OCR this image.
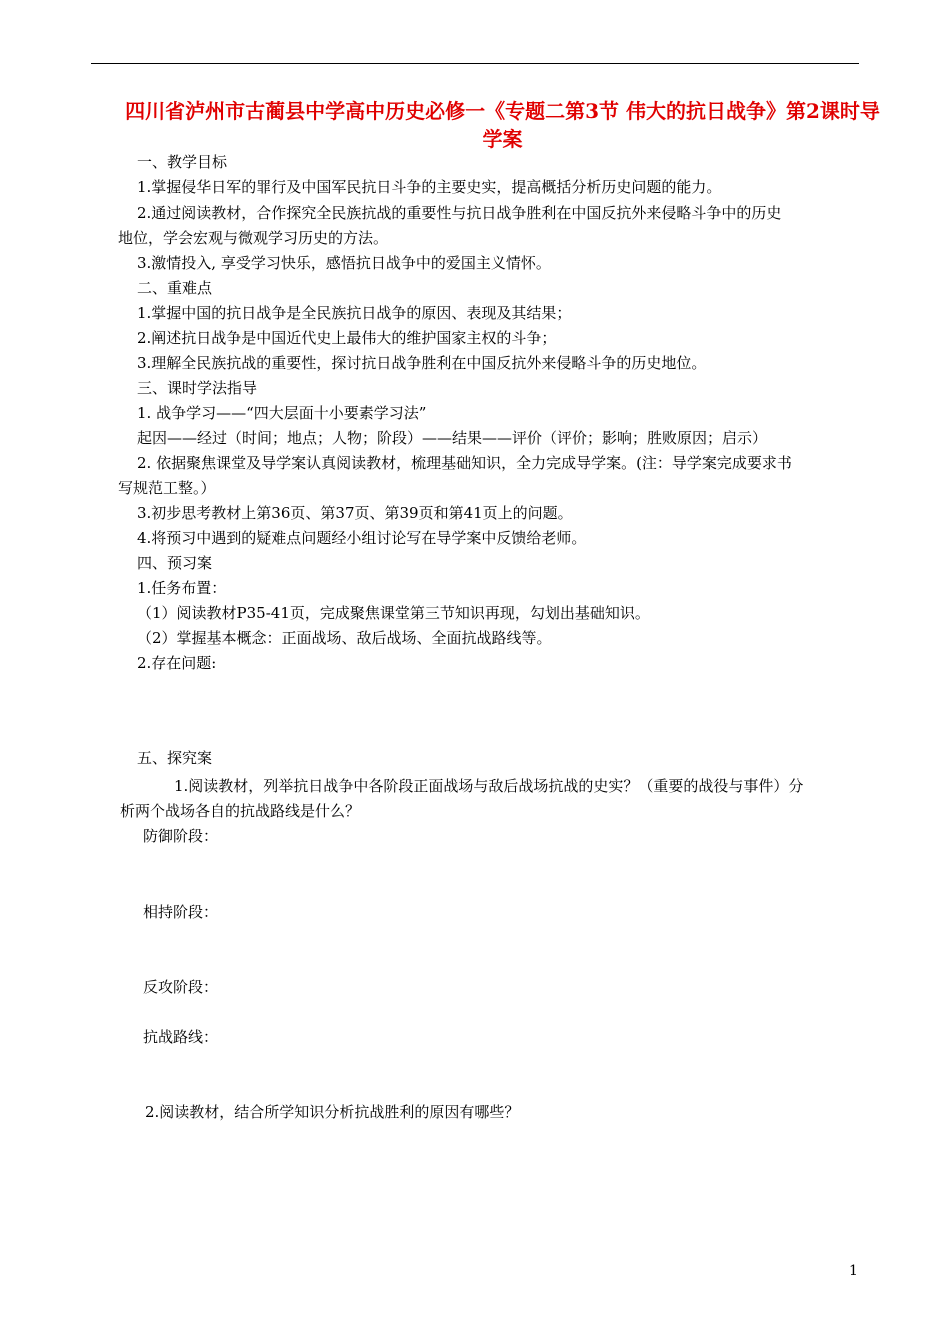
四川省泸州市古蔺县中学高中历史必修一《专题二第3节 伟大的抗日战争》第2课时导学案

一、教学目标

1.掌握侵华日军的罪行及中国军民抗日斗争的主要史实，提高概括分析历史问题的能力。

2.通过阅读教材，合作探究全民族抗战的重要性与抗日战争胜利在中国反抗外来侵略斗争中的历史

地位，学会宏观与微观学习历史的方法。

3.激情投入, 享受学习快乐，感悟抗日战争中的爱国主义情怀。

二、重难点

1.掌握中国的抗日战争是全民族抗日战争的原因、表现及其结果；

2.阐述抗日战争是中国近代史上最伟大的维护国家主权的斗争；

3.理解全民族抗战的重要性，探讨抗日战争胜利在中国反抗外来侵略斗争的历史地位。

三、课时学法指导

1. 战争学习——“四大层面十小要素学习法”

起因——经过（时间；地点；人物；阶段）——结果——评价（评价；影响；胜败原因；启示）

2. 依据聚焦课堂及导学案认真阅读教材，梳理基础知识，全力完成导学案。(注：导学案完成要求书

写规范工整。）

3.初步思考教材上第36页、第37页、第39页和第41页上的问题。

4.将预习中遇到的疑难点问题经小组讨论写在导学案中反馈给老师。

四、预习案

1.任务布置：

（1）阅读教材P35-41页，完成聚焦课堂第三节知识再现，勾划出基础知识。

（2）掌握基本概念：正面战场、敌后战场、全面抗战路线等。

2.存在问题:

五、探究案

1.阅读教材，列举抗日战争中各阶段正面战场与敌后战场抗战的史实？（重要的战役与事件）分

析两个战场各自的抗战路线是什么？

防御阶段：

相持阶段：

反攻阶段：

抗战路线：

2.阅读教材，结合所学知识分析抗战胜利的原因有哪些？

1
